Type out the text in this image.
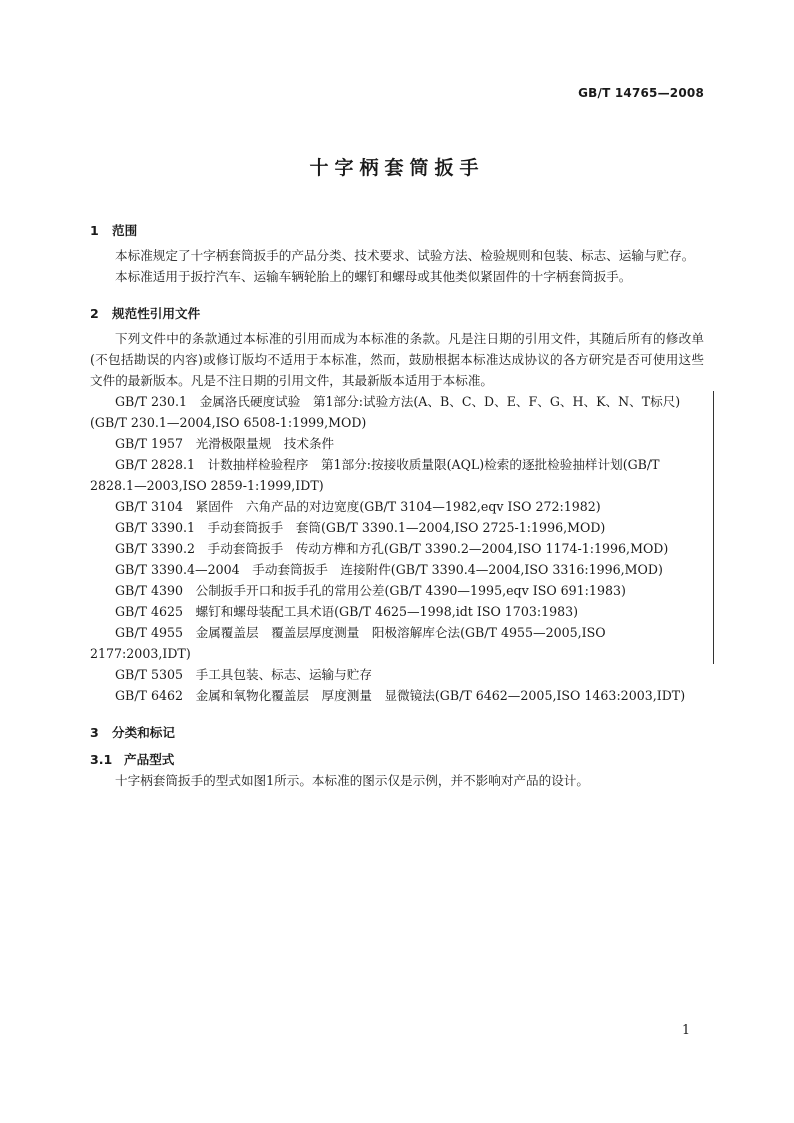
GB/T 14765—2008
十字柄套筒扳手
1 范围

本标准规定了十字柄套筒扳手的产品分类、技术要求、试验方法、检验规则和包装、标志、运输与贮存。

本标准适用于扳拧汽车、运输车辆轮胎上的螺钉和螺母或其他类似紧固件的十字柄套筒扳手。

2 规范性引用文件

下列文件中的条款通过本标准的引用而成为本标准的条款。凡是注日期的引用文件，其随后所有的修改单(不包括勘误的内容)或修订版均不适用于本标准，然而，鼓励根据本标准达成协议的各方研究是否可使用这些文件的最新版本。凡是不注日期的引用文件，其最新版本适用于本标准。

GB/T 230.1　金属洛氏硬度试验　第1部分:试验方法(A、B、C、D、E、F、G、H、K、N、T标尺)(GB/T 230.1—2004,ISO 6508-1:1999,MOD)

GB/T 1957　光滑极限量规　技术条件

GB/T 2828.1　计数抽样检验程序　第1部分:按接收质量限(AQL)检索的逐批检验抽样计划(GB/T 2828.1—2003,ISO 2859-1:1999,IDT)

GB/T 3104　紧固件　六角产品的对边宽度(GB/T 3104—1982,eqv ISO 272:1982)

GB/T 3390.1　手动套筒扳手　套筒(GB/T 3390.1—2004,ISO 2725-1:1996,MOD)

GB/T 3390.2　手动套筒扳手　传动方榫和方孔(GB/T 3390.2—2004,ISO 1174-1:1996,MOD)

GB/T 3390.4—2004　手动套筒扳手　连接附件(GB/T 3390.4—2004,ISO 3316:1996,MOD)

GB/T 4390　公制扳手开口和扳手孔的常用公差(GB/T 4390—1995,eqv ISO 691:1983)

GB/T 4625　螺钉和螺母装配工具术语(GB/T 4625—1998,idt ISO 1703:1983)

GB/T 4955　金属覆盖层　覆盖层厚度测量　阳极溶解库仑法(GB/T 4955—2005,ISO 2177:2003,IDT)

GB/T 5305　手工具包装、标志、运输与贮存

GB/T 6462　金属和氧物化覆盖层　厚度测量　显微镜法(GB/T 6462—2005,ISO 1463:2003,IDT)

3 分类和标记
3.1 产品型式

十字柄套筒扳手的型式如图1所示。本标准的图示仅是示例，并不影响对产品的设计。

1
